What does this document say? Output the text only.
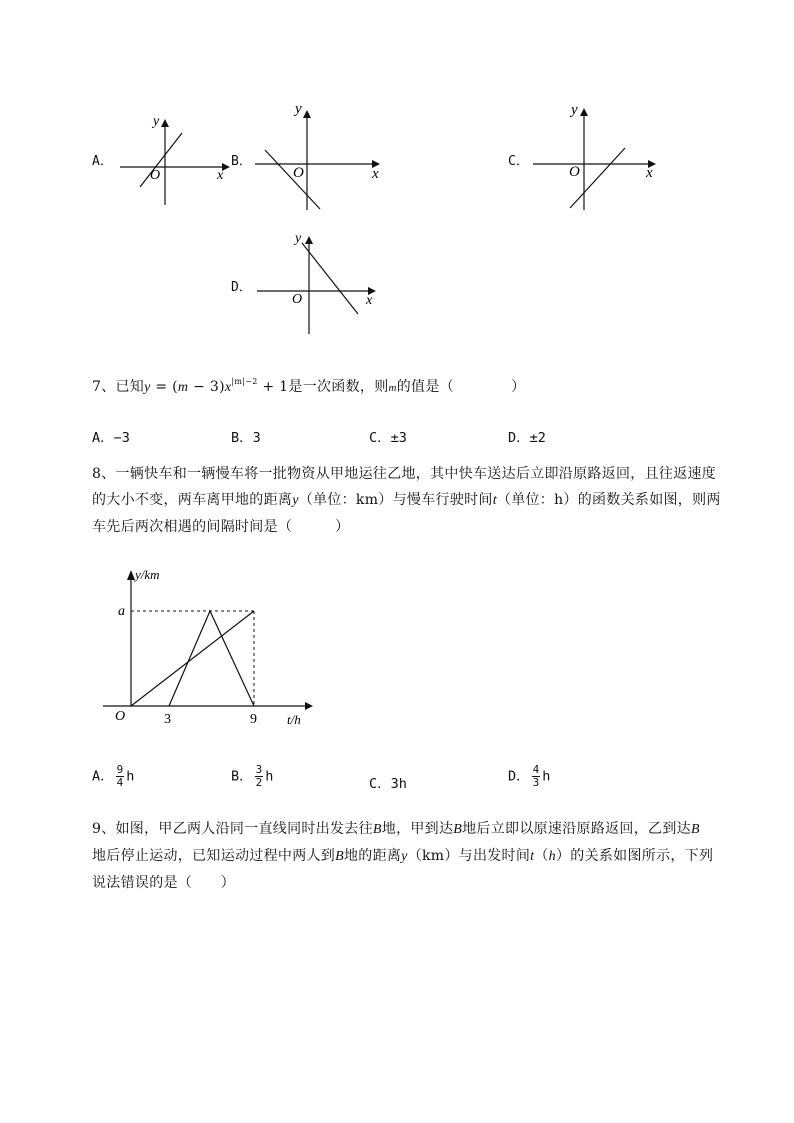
A．
y
x
O
B．
y
x
O
C．
y
x
O
D．
y
x
O
7、已知$y = (m - 3)x^{|m|-2} + 1$是一次函数，则m的值是（　　　　）
A．−3	B．3	C．±3	D．±2
8、一辆快车和一辆慢车将一批物资从甲地运往乙地，其中快车送达后立即沿原路返回，且往返速度
的大小不变，两车离甲地的距离y（单位：km）与慢车行驶时间t（单位：h）的函数关系如图，则两
车先后两次相遇的间隔时间是（　　　）
y/km
a
O	3	9 t/h
A． $\frac{9}{4}$ h	B． $\frac{3}{2}$ h	C．3h	D． $\frac{4}{3}$ h
9、如图，甲乙两人沿同一直线同时出发去往B地，甲到达B地后立即以原速沿原路返回，乙到达B
地后停止运动，已知运动过程中两人到B地的距离y（km）与出发时间t（h）的关系如图所示，下列
说法错误的是（　　）
